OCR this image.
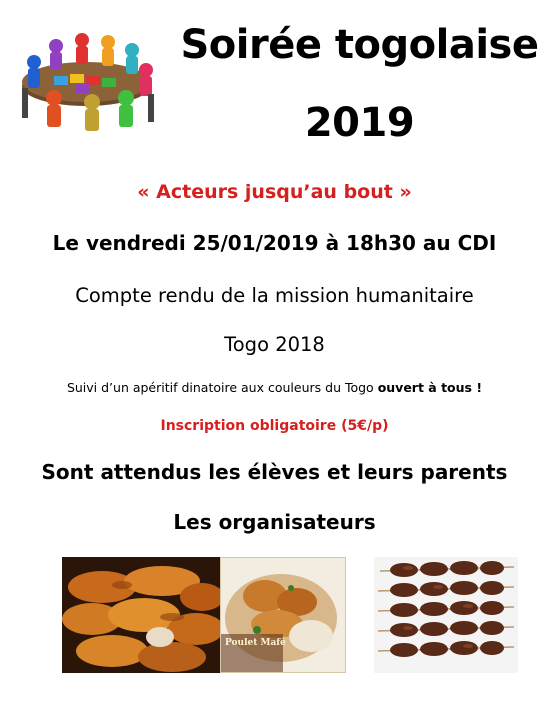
Soirée togolaise
2019
« Acteurs jusqu’au bout »
Le vendredi 25/01/2019 à 18h30 au CDI
Compte rendu de la mission humanitaire
Togo 2018
Suivi d’un apéritif dinatoire aux couleurs du Togo ouvert à tous !
Inscription obligatoire (5€/p)
Sont attendus les élèves et leurs parents
Les organisateurs
Poulet Mafé
